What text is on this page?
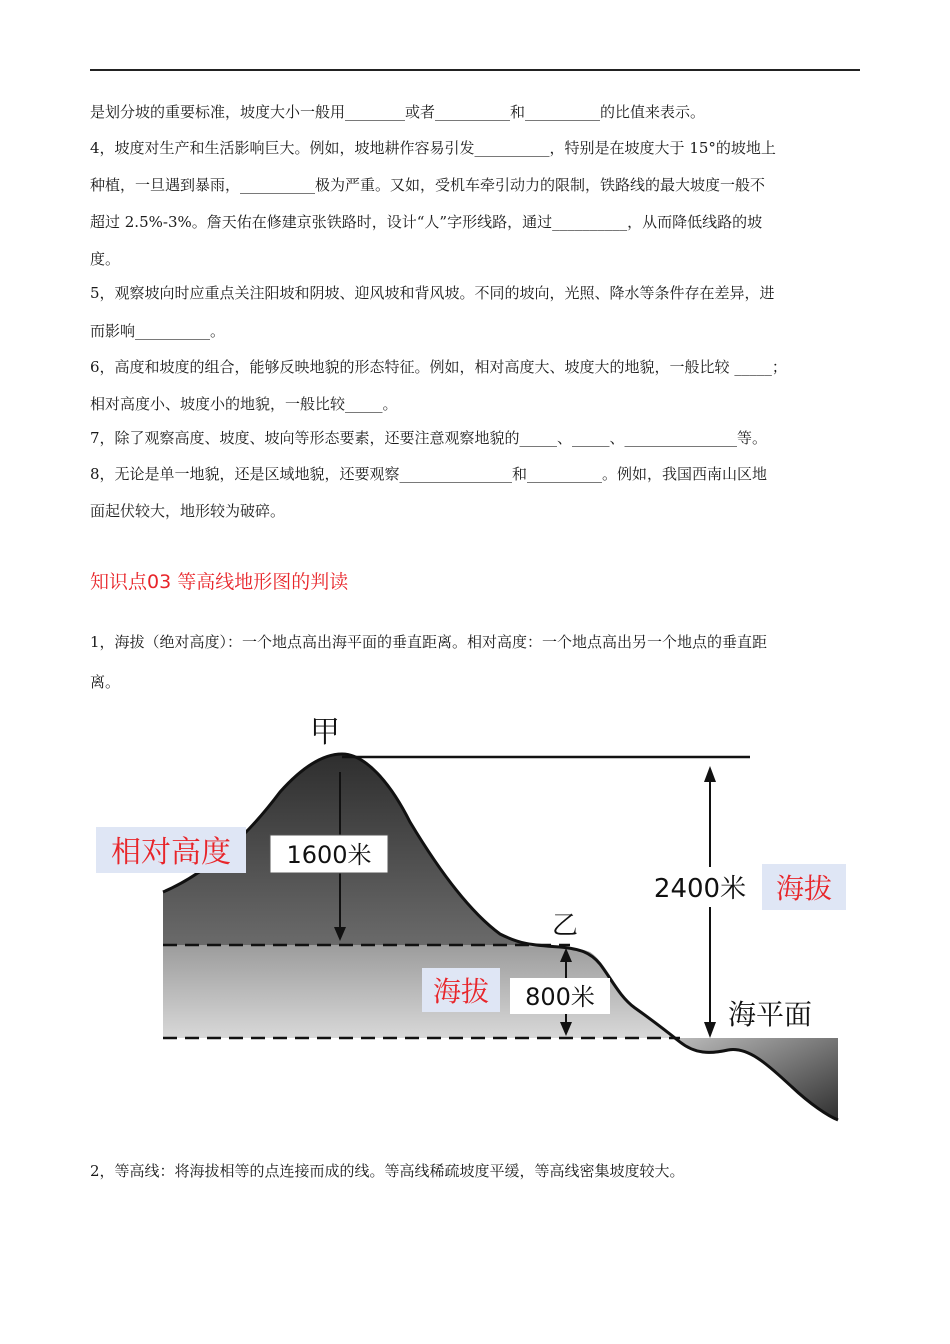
是划分坡的重要标准，坡度大小一般用________或者__________和__________的比值来表示。
4，坡度对生产和生活影响巨大。例如，坡地耕作容易引发__________，特别是在坡度大于 15°的坡地上
种植，一旦遇到暴雨，__________极为严重。又如，受机车牵引动力的限制，铁路线的最大坡度一般不
超过 2.5%-3%。詹天佑在修建京张铁路时，设计“人”字形线路，通过__________，从而降低线路的坡
度。
5，观察坡向时应重点关注阳坡和阴坡、迎风坡和背风坡。不同的坡向，光照、降水等条件存在差异，进
而影响__________。
6，高度和坡度的组合，能够反映地貌的形态特征。例如，相对高度大、坡度大的地貌，一般比较 _____；
相对高度小、坡度小的地貌，一般比较_____。
7，除了观察高度、坡度、坡向等形态要素，还要注意观察地貌的_____、_____、_______________等。
8，无论是单一地貌，还是区域地貌，还要观察_______________和__________。例如，我国西南山区地
面起伏较大，地形较为破碎。
知识点03 等高线地形图的判读
1，海拔（绝对高度）：一个地点高出海平面的垂直距离。相对高度：一个地点高出另一个地点的垂直距
离。
甲
乙
1600米
800米
2400米
海平面
相对高度
海拔
海拔
2，等高线：将海拔相等的点连接而成的线。等高线稀疏坡度平缓，等高线密集坡度较大。
